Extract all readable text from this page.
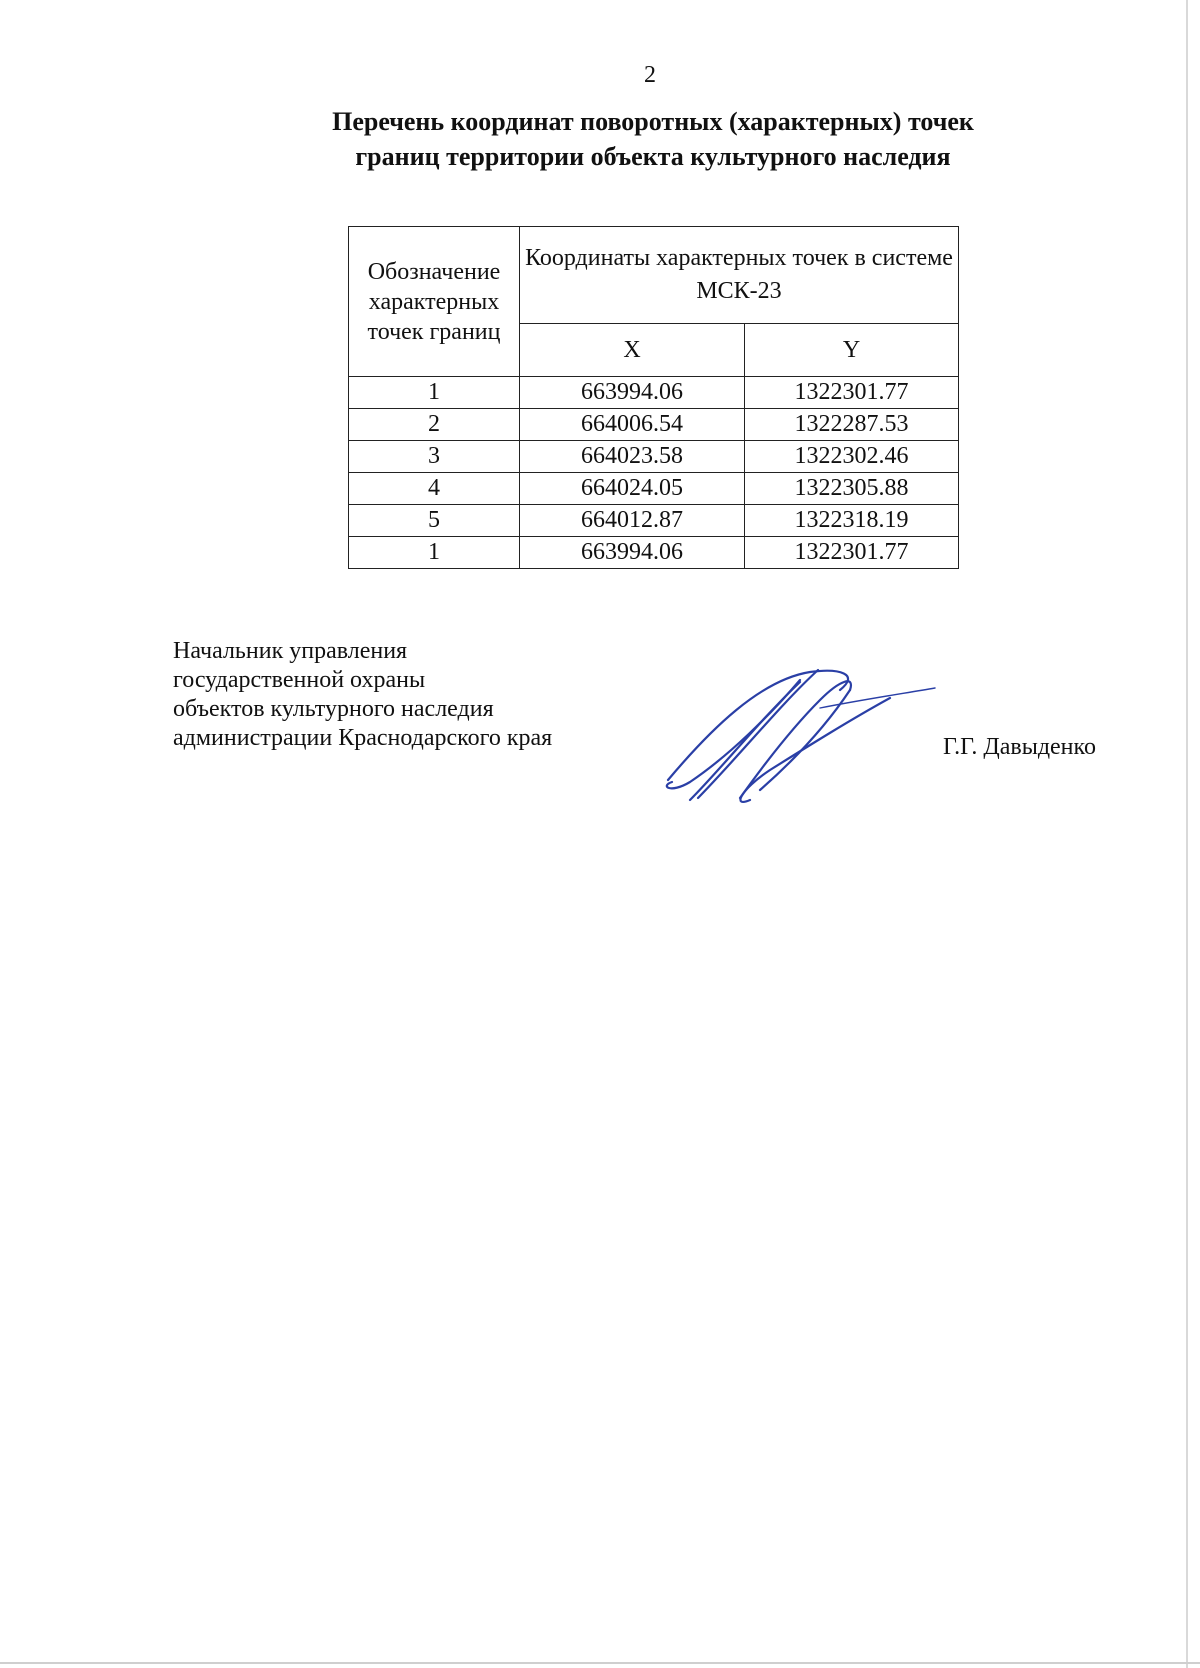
2
Перечень координат поворотных (характерных) точек
границ территории объекта культурного наследия
Обозначение характерных точек границ	Координаты характерных точек в системе МСК-23	
	X	Y
1	663994.06	1322301.77
2	664006.54	1322287.53
3	664023.58	1322302.46
4	664024.05	1322305.88
5	664012.87	1322318.19
1	663994.06	1322301.77
Начальник управления
государственной охраны
объектов культурного наследия
администрации Краснодарского края	Г.Г. Давыденко
